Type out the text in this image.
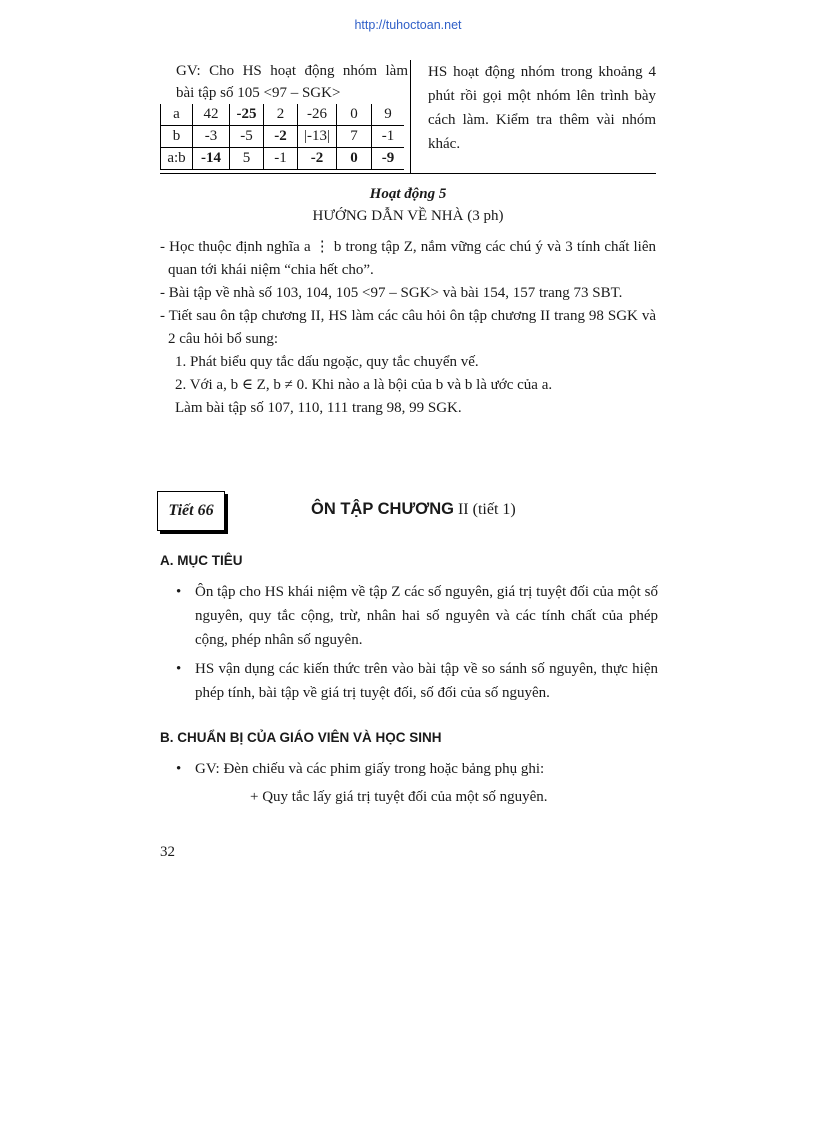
http://tuhoctoan.net
GV: Cho HS hoạt động nhóm làm
bài tập số 105 <97 – SGK>
a	42	-25	2	-26	0	9
b	-3	-5	-2	|-13|	7	-1
a:b	-14	5	-1	-2	0	-9
HS hoạt động nhóm trong khoảng 4 phút rồi gọi một nhóm lên trình bày cách làm. Kiểm tra thêm vài nhóm khác.
Hoạt động 5
HƯỚNG DẪN VỀ NHÀ (3 ph)

- Học thuộc định nghĩa a ⋮ b trong tập Z, nắm vững các chú ý và 3 tính chất liên quan tới khái niệm “chia hết cho”.

- Bài tập về nhà số 103, 104, 105 <97 – SGK> và bài 154, 157 trang 73 SBT.

- Tiết sau ôn tập chương II, HS làm các câu hỏi ôn tập chương II trang 98 SGK và 2 câu hỏi bổ sung:

1. Phát biểu quy tắc dấu ngoặc, quy tắc chuyển vế.

2. Với a, b ∈ Z, b ≠ 0. Khi nào a là bội của b và b là ước của a.

Làm bài tập số 107, 110, 111 trang 98, 99 SGK.

Tiết 66	ÔN TẬP CHƯƠNG II (tiết 1)
A. MỤC TIÊU
• Ôn tập cho HS khái niệm về tập Z các số nguyên, giá trị tuyệt đối của một số nguyên, quy tắc cộng, trừ, nhân hai số nguyên và các tính chất của phép cộng, phép nhân số nguyên.
• HS vận dụng các kiến thức trên vào bài tập về so sánh số nguyên, thực hiện phép tính, bài tập về giá trị tuyệt đối, số đối của số nguyên.
B. CHUẨN BỊ CỦA GIÁO VIÊN VÀ HỌC SINH
• GV: Đèn chiếu và các phim giấy trong hoặc bảng phụ ghi:
+ Quy tắc lấy giá trị tuyệt đối của một số nguyên.
32
